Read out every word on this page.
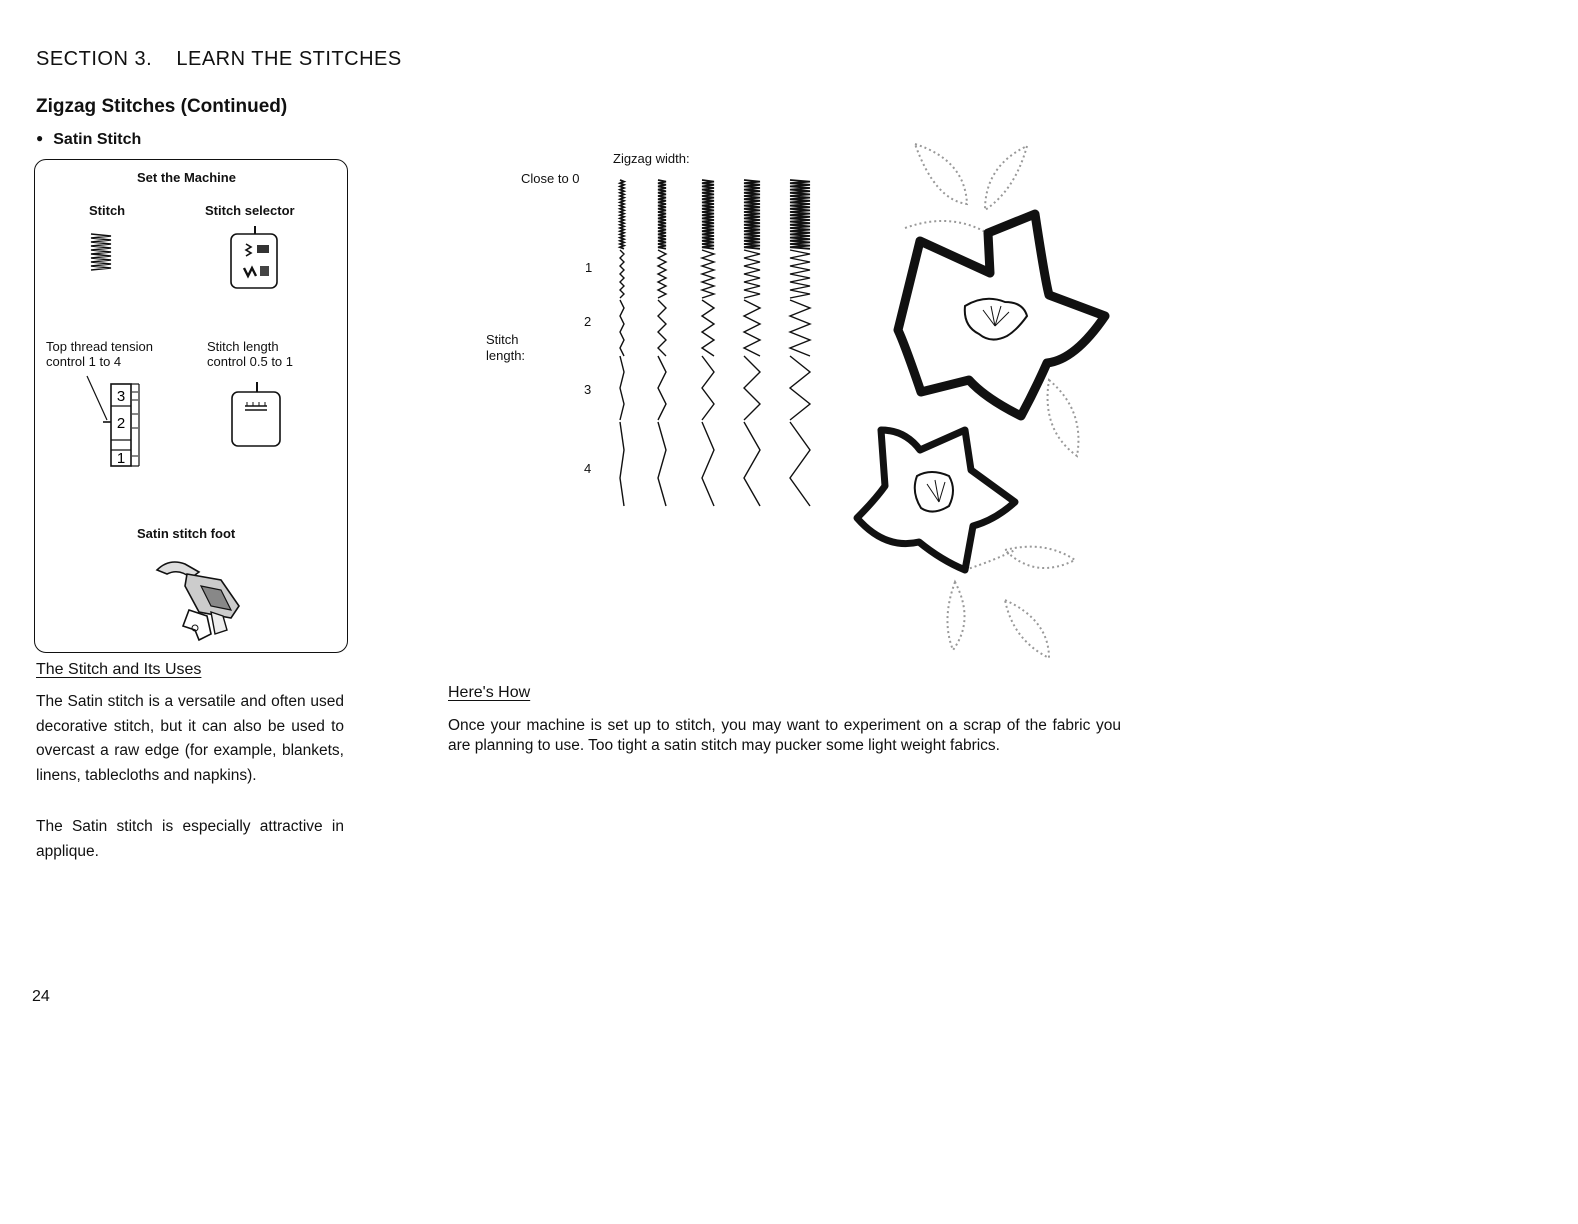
SECTION 3. LEARN THE STITCHES
Zigzag Stitches (Continued)
● Satin Stitch
Set the Machine
Stitch	Stitch selector
Top thread tension
control 1 to 4
Stitch length
control 0.5 to 1
3
2
1
Satin stitch foot
The Stitch and Its Uses
The Satin stitch is a versatile and often used decorative stitch, but it can also be used to overcast a raw edge (for example, blankets, linens, tablecloths and napkins).
The Satin stitch is especially attractive in applique.
Zigzag width:
Close to 0
Stitch
length:
1
2
3
4
Here's How
Once your machine is set up to stitch, you may want to experiment on a scrap of the fabric you are planning to use. Too tight a satin stitch may pucker some light weight fabrics.
24
